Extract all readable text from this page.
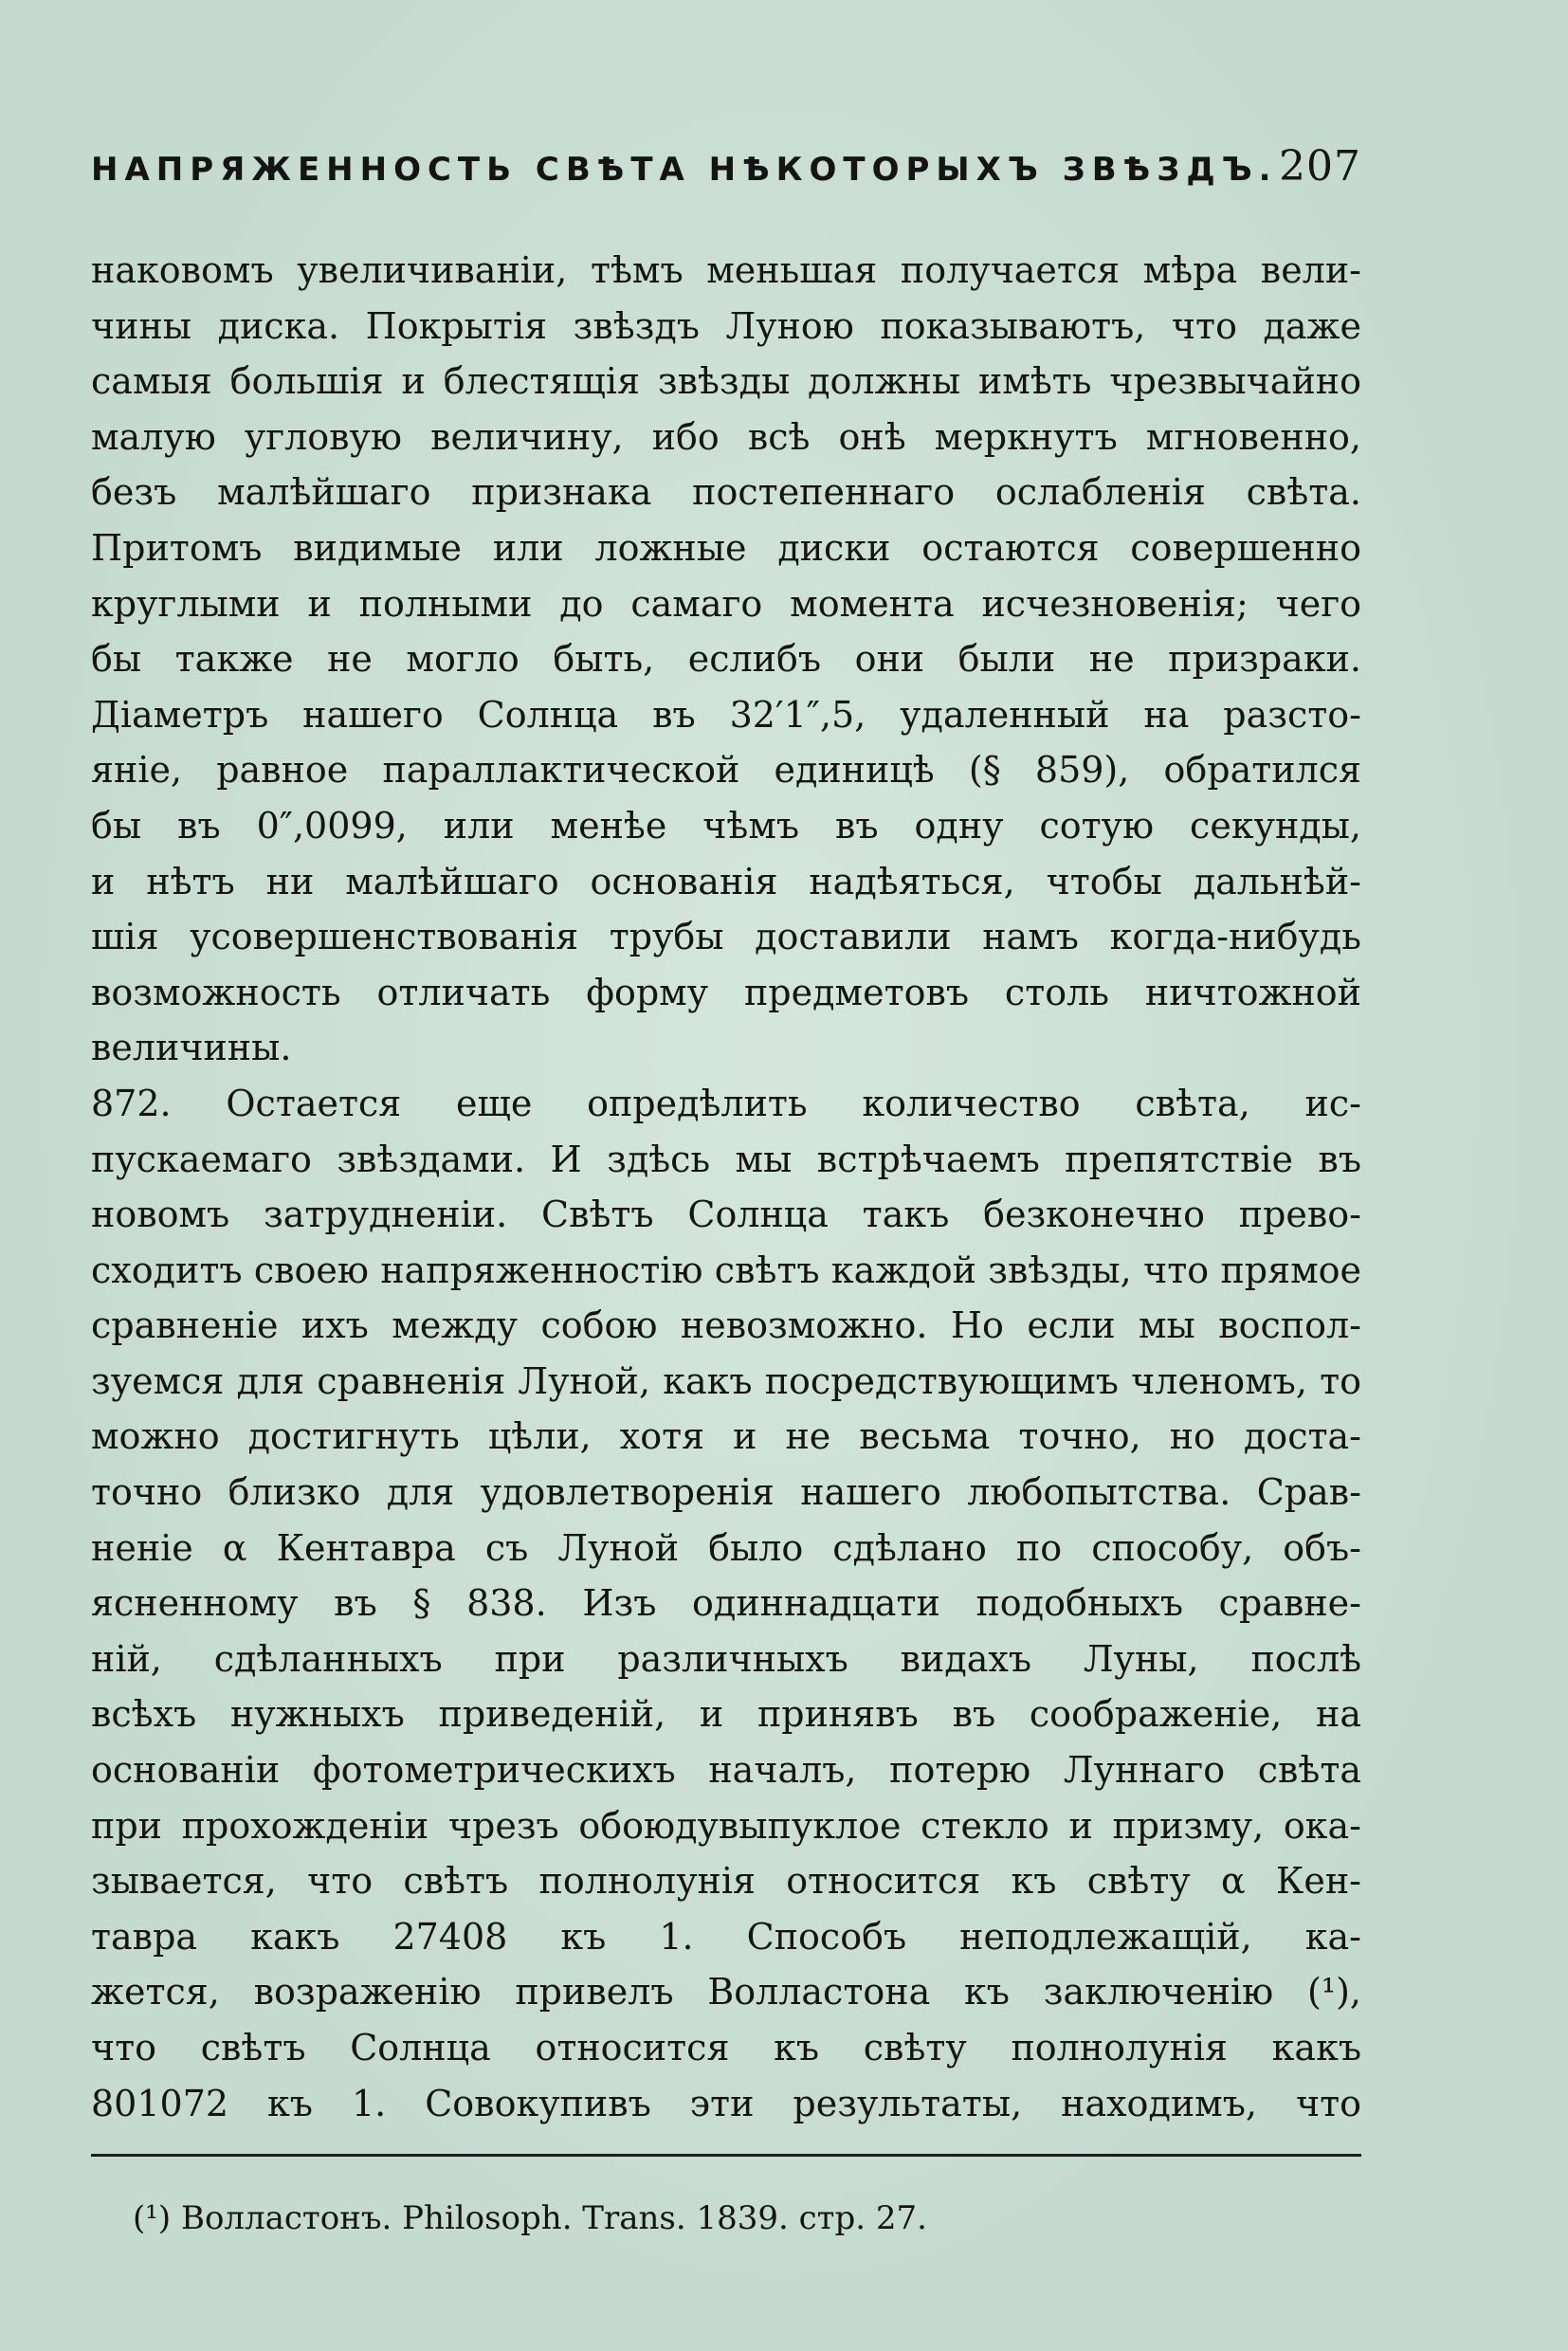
НАПРЯЖЕННОСТЬ СВѢТА НѢКОТОРЫХЪ ЗВѢЗДЪ. 207
наковомъ увеличиваніи, тѣмъ меньшая получается мѣра вели-
чины диска. Покрытія звѣздъ Луною показываютъ, что даже
самыя большія и блестящія звѣзды должны имѣть чрезвычайно
малую угловую величину, ибо всѣ онѣ меркнутъ мгновенно,
безъ малѣйшаго признака постепеннаго ослабленія свѣта.
Притомъ видимые или ложные диски остаются совершенно
круглыми и полными до самаго момента исчезновенія; чего
бы также не могло быть, еслибъ они были не призраки.
Діаметръ нашего Солнца въ 32′1″,5, удаленный на разсто-
яніе, равное параллактической единицѣ (§ 859), обратился
бы въ 0″,0099, или менѣе чѣмъ въ одну сотую секунды,
и нѣтъ ни малѣйшаго основанія надѣяться, чтобы дальнѣй-
шія усовершенствованія трубы доставили намъ когда-нибудь
возможность отличать форму предметовъ столь ничтожной
величины.
872. Остается еще опредѣлить количество свѣта, ис-
пускаемаго звѣздами. И здѣсь мы встрѣчаемъ препятствіе въ
новомъ затрудненіи. Свѣтъ Солнца такъ безконечно прево-
сходитъ своею напряженностію свѣтъ каждой звѣзды, что прямое
сравненіе ихъ между собою невозможно. Но если мы воспол-
зуемся для сравненія Луной, какъ посредствующимъ членомъ, то
можно достигнуть цѣли, хотя и не весьма точно, но доста-
точно близко для удовлетворенія нашего любопытства. Срав-
неніе α Кентавра съ Луной было сдѣлано по способу, объ-
ясненному въ § 838. Изъ одиннадцати подобныхъ сравне-
ній, сдѣланныхъ при различныхъ видахъ Луны, послѣ
всѣхъ нужныхъ приведеній, и принявъ въ соображеніе, на
основаніи фотометрическихъ началъ, потерю Луннаго свѣта
при прохожденіи чрезъ обоюдувыпуклое стекло и призму, ока-
зывается, что свѣтъ полнолунія относится къ свѣту α Кен-
тавра какъ 27408 къ 1. Способъ неподлежащій, ка-
жется, возраженію привелъ Волластона къ заключенію (¹),
что свѣтъ Солнца относится къ свѣту полнолунія какъ
801072 къ 1. Совокупивъ эти результаты, находимъ, что
(¹) Волластонъ. Philosoph. Trans. 1839. стр. 27.
